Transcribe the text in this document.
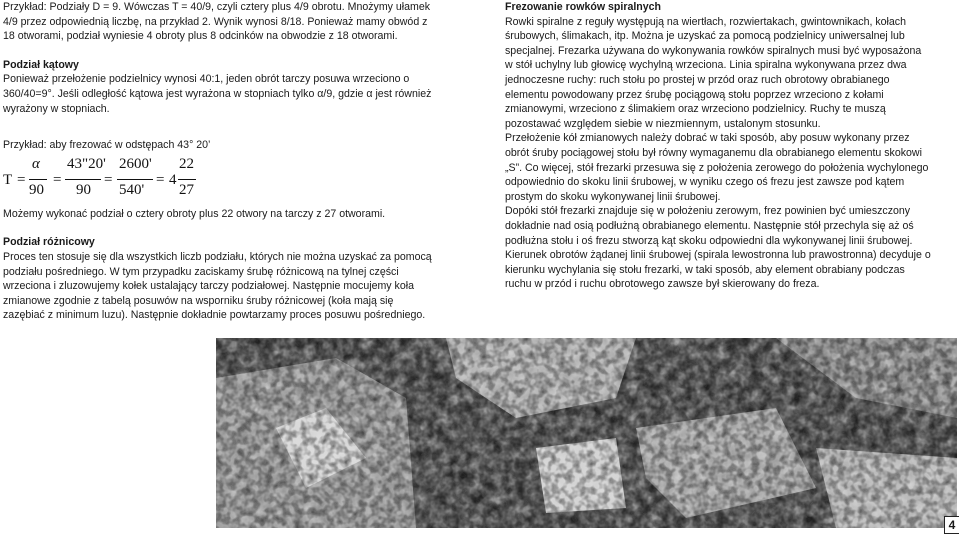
Przykład: Podziały D = 9. Wówczas T = 40/9, czyli cztery plus 4/9 obrotu. Mnożymy ułamek

4/9 przez odpowiednią liczbę, na przykład 2. Wynik wynosi 8/18. Ponieważ mamy obwód z

18 otworami, podział wyniesie 4 obroty plus 8 odcinków na obwodzie z 18 otworami.

Podział kątowy

Ponieważ przełożenie podzielnicy wynosi 40:1, jeden obrót tarczy posuwa wrzeciono o

360/40=9°. Jeśli odległość kątowa jest wyrażona w stopniach tylko α/9, gdzie α jest również

wyrażony w stopniach.

Przykład: aby frezować w odstępach 43° 20’

T =
α
90
=
43"20'
90
=
2600'
540'
= 4
22
27

Możemy wykonać podział o cztery obroty plus 22 otwory na tarczy z 27 otworami.

Podział różnicowy

Proces ten stosuje się dla wszystkich liczb podziału, których nie można uzyskać za pomocą

podziału pośredniego. W tym przypadku zaciskamy śrubę różnicową na tylnej części

wrzeciona i zluzowujemy kołek ustalający tarczy podziałowej. Następnie mocujemy koła

zmianowe zgodnie z tabelą posuwów na wsporniku śruby różnicowej (koła mają się

zazębiać z minimum luzu). Następnie dokładnie powtarzamy proces posuwu pośredniego.

Frezowanie rowków spiralnych

Rowki spiralne z reguły występują na wiertłach, rozwiertakach, gwintownikach, kołach

śrubowych, ślimakach, itp. Można je uzyskać za pomocą podzielnicy uniwersalnej lub

specjalnej. Frezarka używana do wykonywania rowków spiralnych musi być wyposażona

w stół uchylny lub głowicę wychylną wrzeciona. Linia spiralna wykonywana przez dwa

jednoczesne ruchy: ruch stołu po prostej w przód oraz ruch obrotowy obrabianego

elementu powodowany przez śrubę pociągową stołu poprzez wrzeciono z kołami

zmianowymi, wrzeciono z ślimakiem oraz wrzeciono podzielnicy. Ruchy te muszą

pozostawać względem siebie w niezmiennym, ustalonym stosunku.

Przełożenie kół zmianowych należy dobrać w taki sposób, aby posuw wykonany przez

obrót śruby pociągowej stołu był równy wymaganemu dla obrabianego elementu skokowi

„S”. Co więcej, stół frezarki przesuwa się z położenia zerowego do położenia wychylonego

odpowiednio do skoku linii śrubowej, w wyniku czego oś frezu jest zawsze pod kątem

prostym do skoku wykonywanej linii śrubowej.

Dopóki stół frezarki znajduje się w położeniu zerowym, frez powinien być umieszczony

dokładnie nad osią podłużną obrabianego elementu. Następnie stół przechyla się aż oś

podłużna stołu i oś frezu stworzą kąt skoku odpowiedni dla wykonywanej linii śrubowej.

Kierunek obrotów żądanej linii śrubowej (spirala lewostronna lub prawostronna) decyduje o

kierunku wychylania się stołu frezarki, w taki sposób, aby element obrabiany podczas

ruchu w przód i ruchu obrotowego zawsze był skierowany do freza.

4
